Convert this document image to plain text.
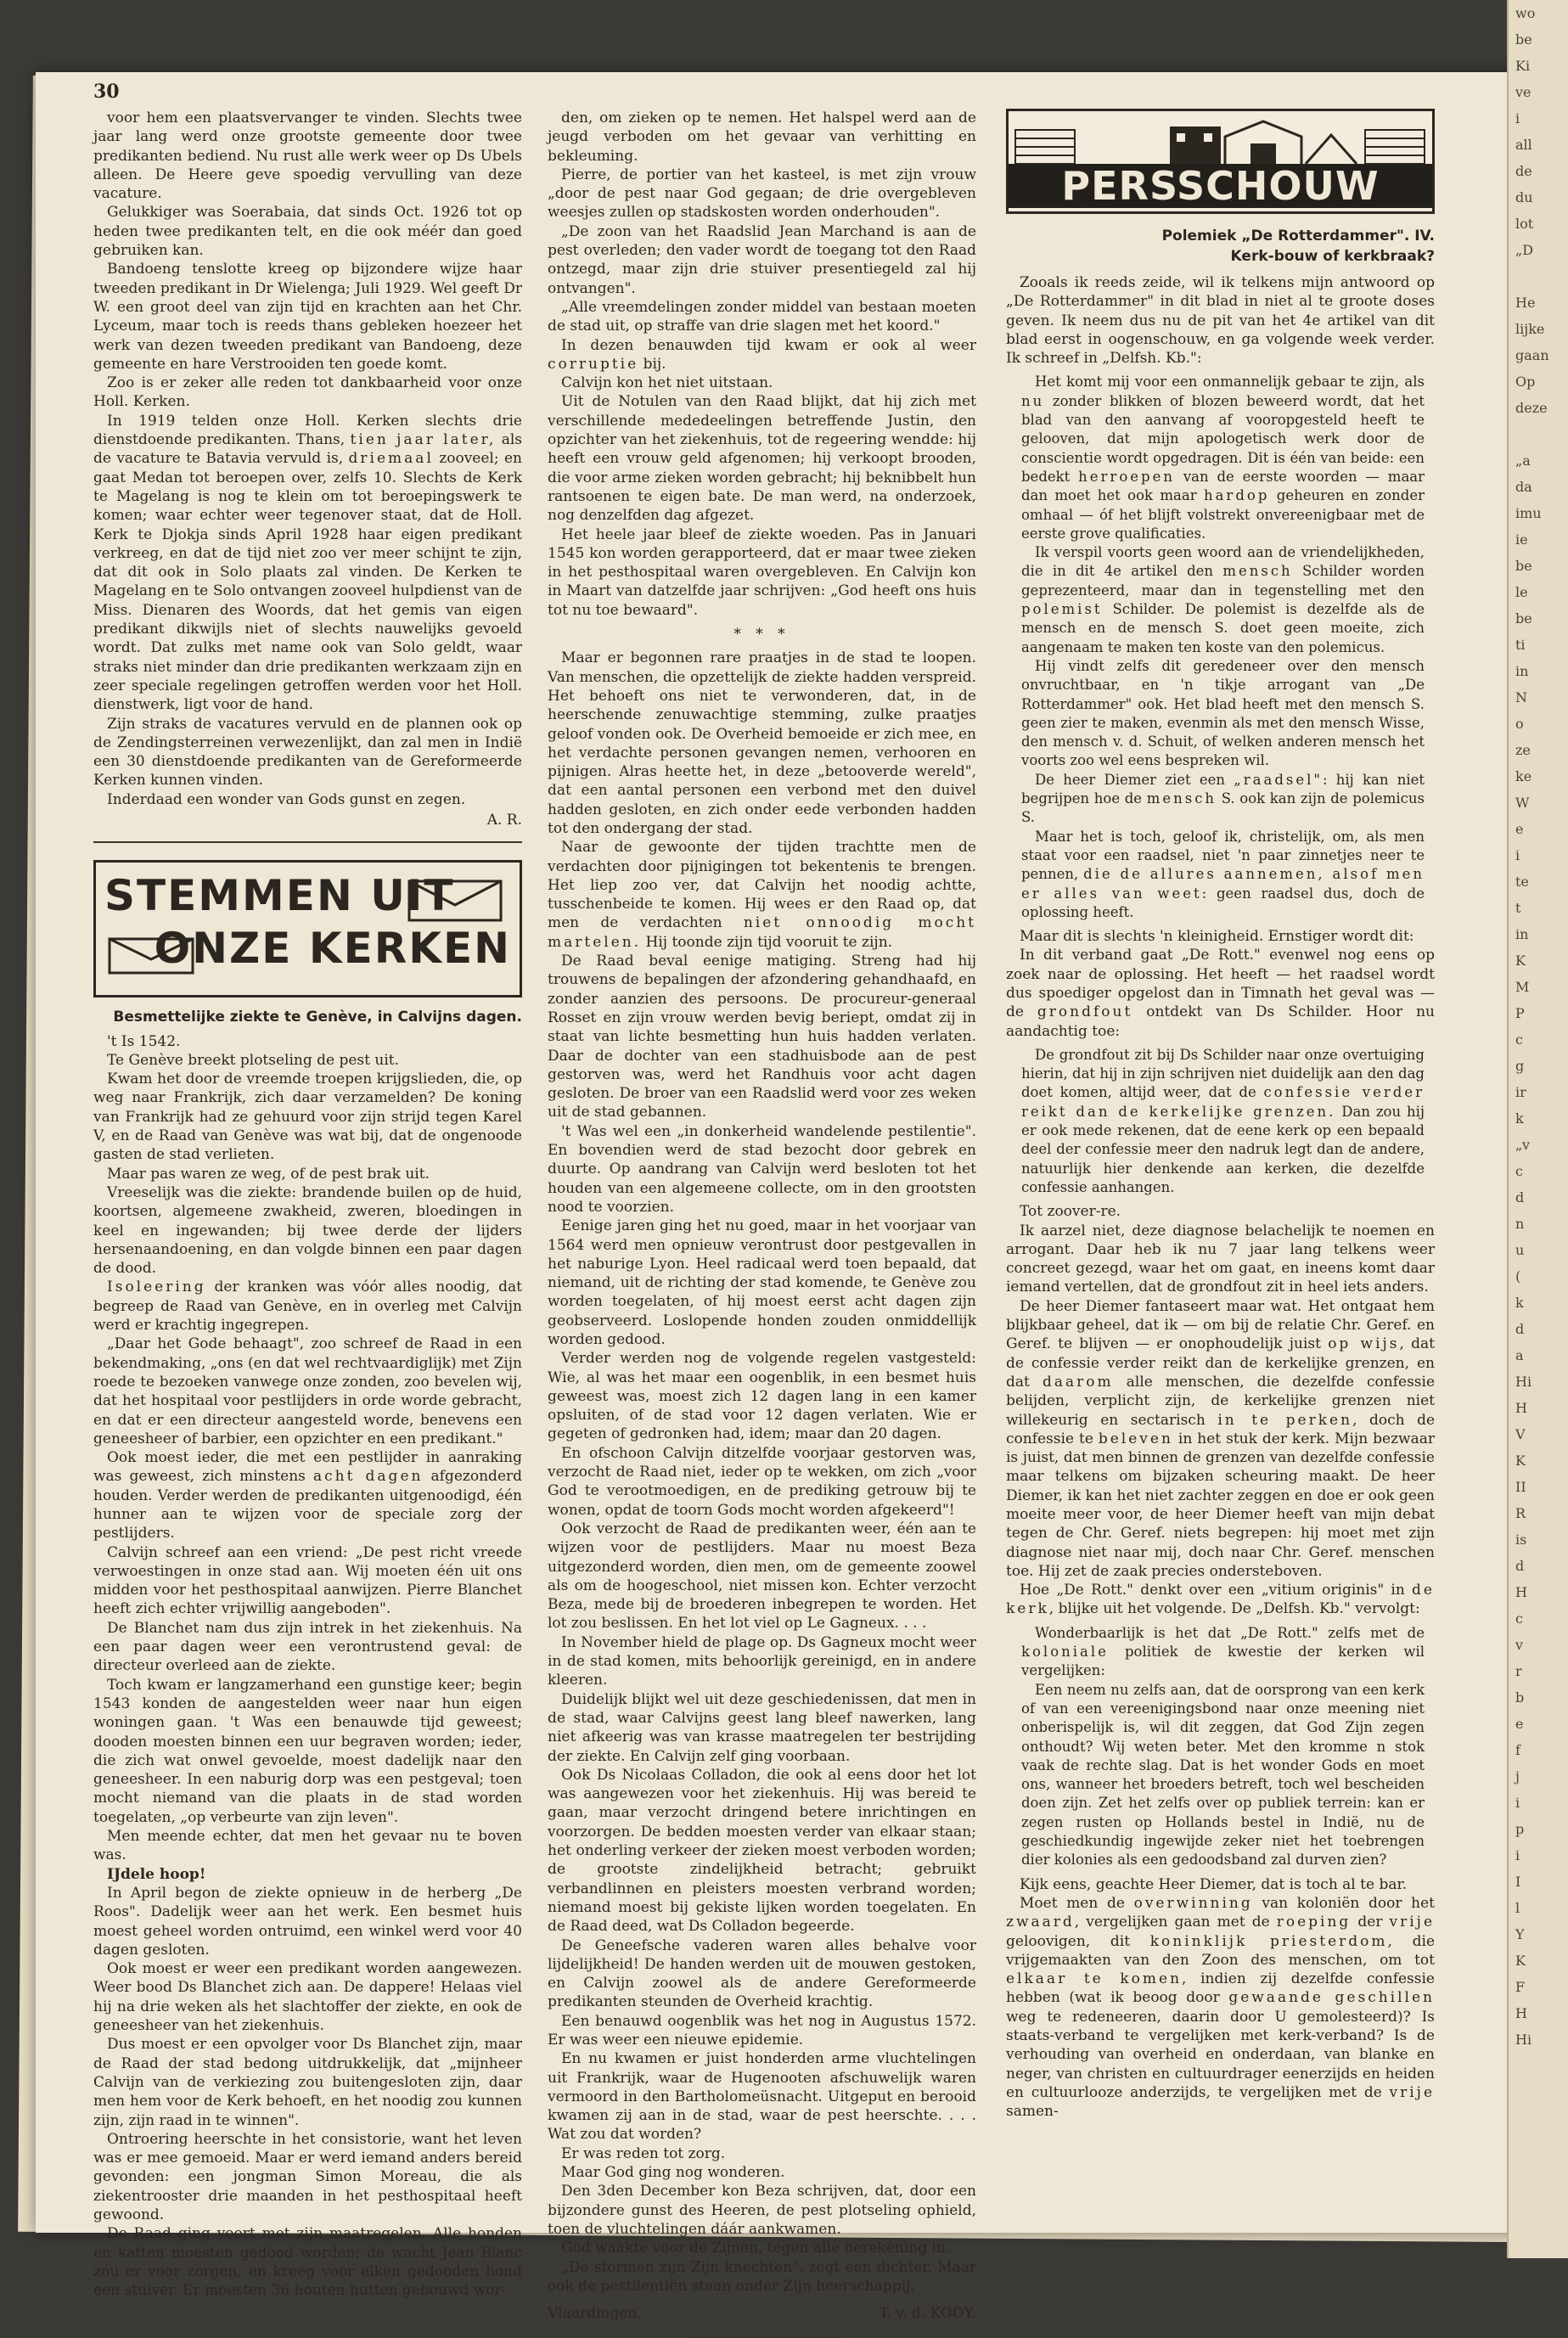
wo
be
Ki
ve
i
all
de
du
lot
„D

He
lijke
gaan
Op
deze

„a
da
imu
ie
be
le
be
ti
in
N
o
ze
ke
W
e
i
te
t
in
K
M
P
c
g
ir
k
„v
c
d
n
u
(
k
d
a
Hi
H
V
K
II
R
is
d
H
c
v
r
b
e
f
j
i
p
i
I
l
Y
K
F
H
Hi
30

voor hem een plaatsvervanger te vinden. Slechts twee jaar lang werd onze grootste gemeente door twee predikanten bediend. Nu rust alle werk weer op Ds Ubels alleen. De Heere geve spoedig vervulling van deze vacature.

Gelukkiger was Soerabaia, dat sinds Oct. 1926 tot op heden twee predikanten telt, en die ook méér dan goed gebruiken kan.

Bandoeng tenslotte kreeg op bijzondere wijze haar tweeden predikant in Dr Wielenga; Juli 1929. Wel geeft Dr W. een groot deel van zijn tijd en krachten aan het Chr. Lyceum, maar toch is reeds thans gebleken hoezeer het werk van dezen tweeden predikant van Bandoeng, deze gemeente en hare Verstrooiden ten goede komt.

Zoo is er zeker alle reden tot dankbaarheid voor onze Holl. Kerken.

In 1919 telden onze Holl. Kerken slechts drie dienstdoende predikanten. Thans, tien jaar later, als de vacature te Batavia vervuld is, driemaal zooveel; en gaat Medan tot beroepen over, zelfs 10. Slechts de Kerk te Magelang is nog te klein om tot beroepingswerk te komen; waar echter weer tegenover staat, dat de Holl. Kerk te Djokja sinds April 1928 haar eigen predikant verkreeg, en dat de tijd niet zoo ver meer schijnt te zijn, dat dit ook in Solo plaats zal vinden. De Kerken te Magelang en te Solo ontvangen zooveel hulpdienst van de Miss. Dienaren des Woords, dat het gemis van eigen predikant dikwijls niet of slechts nauwelijks gevoeld wordt. Dat zulks met name ook van Solo geldt, waar straks niet minder dan drie predikanten werkzaam zijn en zeer speciale regelingen getroffen werden voor het Holl. dienstwerk, ligt voor de hand.

Zijn straks de vacatures vervuld en de plannen ook op de Zendingsterreinen verwezenlijkt, dan zal men in Indië een 30 dienstdoende predikanten van de Gereformeerde Kerken kunnen vinden.

Inderdaad een wonder van Gods gunst en zegen.

A. R.
STEMMEN UIT
ONZE KERKEN
Besmettelijke ziekte te Genève, in Calvijns dagen.

't Is 1542.

Te Genève breekt plotseling de pest uit.

Kwam het door de vreemde troepen krijgslieden, die, op weg naar Frankrijk, zich daar verzamelden? De koning van Frankrijk had ze gehuurd voor zijn strijd tegen Karel V, en de Raad van Genève was wat bij, dat de ongenoode gasten de stad verlieten.

Maar pas waren ze weg, of de pest brak uit.

Vreeselijk was die ziekte: brandende builen op de huid, koortsen, algemeene zwakheid, zweren, bloedingen in keel en ingewanden; bij twee derde der lijders hersenaandoening, en dan volgde binnen een paar dagen de dood.

Isoleering der kranken was vóór alles noodig, dat begreep de Raad van Genève, en in overleg met Calvijn werd er krachtig ingegrepen.

„Daar het Gode behaagt", zoo schreef de Raad in een bekendmaking, „ons (en dat wel rechtvaardiglijk) met Zijn roede te bezoeken vanwege onze zonden, zoo bevelen wij, dat het hospitaal voor pestlijders in orde worde gebracht, en dat er een directeur aangesteld worde, benevens een geneesheer of barbier, een opzichter en een predikant."

Ook moest ieder, die met een pestlijder in aanraking was geweest, zich minstens acht dagen afgezonderd houden. Verder werden de predikanten uitgenoodigd, één hunner aan te wijzen voor de speciale zorg der pestlijders.

Calvijn schreef aan een vriend: „De pest richt vreede verwoestingen in onze stad aan. Wij moeten één uit ons midden voor het pesthospitaal aanwijzen. Pierre Blanchet heeft zich echter vrijwillig aangeboden".

De Blanchet nam dus zijn intrek in het ziekenhuis. Na een paar dagen weer een verontrustend geval: de directeur overleed aan de ziekte.

Toch kwam er langzamerhand een gunstige keer; begin 1543 konden de aangestelden weer naar hun eigen woningen gaan. 't Was een benauwde tijd geweest; dooden moesten binnen een uur begraven worden; ieder, die zich wat onwel gevoelde, moest dadelijk naar den geneesheer. In een naburig dorp was een pestgeval; toen mocht niemand van die plaats in de stad worden toegelaten, „op verbeurte van zijn leven".

Men meende echter, dat men het gevaar nu te boven was.

IJdele hoop!

In April begon de ziekte opnieuw in de herberg „De Roos". Dadelijk weer aan het werk. Een besmet huis moest geheel worden ontruimd, een winkel werd voor 40 dagen gesloten.

Ook moest er weer een predikant worden aangewezen. Weer bood Ds Blanchet zich aan. De dappere! Helaas viel hij na drie weken als het slachtoffer der ziekte, en ook de geneesheer van het ziekenhuis.

Dus moest er een opvolger voor Ds Blanchet zijn, maar de Raad der stad bedong uitdrukkelijk, dat „mijnheer Calvijn van de verkiezing zou buitengesloten zijn, daar men hem voor de Kerk behoeft, en het noodig zou kunnen zijn, zijn raad in te winnen".

Ontroering heerschte in het consistorie, want het leven was er mee gemoeid. Maar er werd iemand anders bereid gevonden: een jongman Simon Moreau, die als ziekentrooster drie maanden in het pesthospitaal heeft gewoond.

De Raad ging voort met zijn maatregelen. Alle honden en katten moesten gedood worden; de wacht Jean Blanc zou er voor zorgen, en kreeg voor elken gedooden hond een stuiver. Er moesten 36 houten hutten gebouwd wor-

den, om zieken op te nemen. Het halspel werd aan de jeugd verboden om het gevaar van verhitting en bekleuming.

Pierre, de portier van het kasteel, is met zijn vrouw „door de pest naar God gegaan; de drie overgebleven weesjes zullen op stadskosten worden onderhouden".

„De zoon van het Raadslid Jean Marchand is aan de pest overleden; den vader wordt de toegang tot den Raad ontzegd, maar zijn drie stuiver presentiegeld zal hij ontvangen".

„Alle vreemdelingen zonder middel van bestaan moeten de stad uit, op straffe van drie slagen met het koord."

In dezen benauwden tijd kwam er ook al weer corruptie bij.

Calvijn kon het niet uitstaan.

Uit de Notulen van den Raad blijkt, dat hij zich met verschillende mededeelingen betreffende Justin, den opzichter van het ziekenhuis, tot de regeering wendde: hij heeft een vrouw geld afgenomen; hij verkoopt brooden, die voor arme zieken worden gebracht; hij beknibbelt hun rantsoenen te eigen bate. De man werd, na onderzoek, nog denzelfden dag afgezet.

Het heele jaar bleef de ziekte woeden. Pas in Januari 1545 kon worden gerapporteerd, dat er maar twee zieken in het pesthospitaal waren overgebleven. En Calvijn kon in Maart van datzelfde jaar schrijven: „God heeft ons huis tot nu toe bewaard".

* * *

Maar er begonnen rare praatjes in de stad te loopen. Van menschen, die opzettelijk de ziekte hadden verspreid. Het behoeft ons niet te verwonderen, dat, in de heerschende zenuwachtige stemming, zulke praatjes geloof vonden ook. De Overheid bemoeide er zich mee, en het verdachte personen gevangen nemen, verhooren en pijnigen. Alras heette het, in deze „betooverde wereld", dat een aantal personen een verbond met den duivel hadden gesloten, en zich onder eede verbonden hadden tot den ondergang der stad.

Naar de gewoonte der tijden trachtte men de verdachten door pijnigingen tot bekentenis te brengen. Het liep zoo ver, dat Calvijn het noodig achtte, tusschenbeide te komen. Hij wees er den Raad op, dat men de verdachten niet onnoodig mocht martelen. Hij toonde zijn tijd vooruit te zijn.

De Raad beval eenige matiging. Streng had hij trouwens de bepalingen der afzondering gehandhaafd, en zonder aanzien des persoons. De procureur-generaal Rosset en zijn vrouw werden bevig beriept, omdat zij in staat van lichte besmetting hun huis hadden verlaten. Daar de dochter van een stadhuisbode aan de pest gestorven was, werd het Randhuis voor acht dagen gesloten. De broer van een Raadslid werd voor zes weken uit de stad gebannen.

't Was wel een „in donkerheid wandelende pestilentie". En bovendien werd de stad bezocht door gebrek en duurte. Op aandrang van Calvijn werd besloten tot het houden van een algemeene collecte, om in den grootsten nood te voorzien.

Eenige jaren ging het nu goed, maar in het voorjaar van 1564 werd men opnieuw verontrust door pestgevallen in het naburige Lyon. Heel radicaal werd toen bepaald, dat niemand, uit de richting der stad komende, te Genève zou worden toegelaten, of hij moest eerst acht dagen zijn geobserveerd. Loslopende honden zouden onmiddellijk worden gedood.

Verder werden nog de volgende regelen vastgesteld: Wie, al was het maar een oogenblik, in een besmet huis geweest was, moest zich 12 dagen lang in een kamer opsluiten, of de stad voor 12 dagen verlaten. Wie er gegeten of gedronken had, idem; maar dan 20 dagen.

En ofschoon Calvijn ditzelfde voorjaar gestorven was, verzocht de Raad niet, ieder op te wekken, om zich „voor God te verootmoedigen, en de prediking getrouw bij te wonen, opdat de toorn Gods mocht worden afgekeerd"!

Ook verzocht de Raad de predikanten weer, één aan te wijzen voor de pestlijders. Maar nu moest Beza uitgezonderd worden, dien men, om de gemeente zoowel als om de hoogeschool, niet missen kon. Echter verzocht Beza, mede bij de broederen inbegrepen te worden. Het lot zou beslissen. En het lot viel op Le Gagneux. . . .

In November hield de plage op. Ds Gagneux mocht weer in de stad komen, mits behoorlijk gereinigd, en in andere kleeren.

Duidelijk blijkt wel uit deze geschiedenissen, dat men in de stad, waar Calvijns geest lang bleef nawerken, lang niet afkeerig was van krasse maatregelen ter bestrijding der ziekte. En Calvijn zelf ging voorbaan.

Ook Ds Nicolaas Colladon, die ook al eens door het lot was aangewezen voor het ziekenhuis. Hij was bereid te gaan, maar verzocht dringend betere inrichtingen en voorzorgen. De bedden moesten verder van elkaar staan; het onderling verkeer der zieken moest verboden worden; de grootste zindelijkheid betracht; gebruikt verbandlinnen en pleisters moesten verbrand worden; niemand moest bij gekiste lijken worden toegelaten. En de Raad deed, wat Ds Colladon begeerde.

De Geneefsche vaderen waren alles behalve voor lijdelijkheid! De handen werden uit de mouwen gestoken, en Calvijn zoowel als de andere Gereformeerde predikanten steunden de Overheid krachtig.

Een benauwd oogenblik was het nog in Augustus 1572. Er was weer een nieuwe epidemie.

En nu kwamen er juist honderden arme vluchtelingen uit Frankrijk, waar de Hugenooten afschuwelijk waren vermoord in den Bartholomeüsnacht. Uitgeput en berooid kwamen zij aan in de stad, waar de pest heerschte. . . . Wat zou dat worden?

Er was reden tot zorg.

Maar God ging nog wonderen.

Den 3den December kon Beza schrijven, dat, door een bijzondere gunst des Heeren, de pest plotseling ophield, toen de vluchtelingen dáár aankwamen.

God waakte voor de Zijnen, tegen alle berekening in.

„De stormen zijn Zijn knechten", zegt een dichter. Maar ook de pestilentiën staan onder Zijn heerschappij.

Vlaardingen.	T. v. d. KOOY.
PERSSCHOUW
Polemiek „De Rotterdammer". IV.
Kerk-bouw of kerkbraak?

Zooals ik reeds zeide, wil ik telkens mijn antwoord op „De Rotterdammer" in dit blad in niet al te groote doses geven. Ik neem dus nu de pit van het 4e artikel van dit blad eerst in oogenschouw, en ga volgende week verder. Ik schreef in „Delfsh. Kb.":

Het komt mij voor een onmannelijk gebaar te zijn, als nu zonder blikken of blozen beweerd wordt, dat het blad van den aanvang af vooropgesteld heeft te gelooven, dat mijn apologetisch werk door de conscientie wordt opgedragen. Dit is één van beide: een bedekt herroepen van de eerste woorden — maar dan moet het ook maar hardop geheuren en zonder omhaal — óf het blijft volstrekt onvereenigbaar met de eerste grove qualificaties.

Ik verspil voorts geen woord aan de vriendelijkheden, die in dit 4e artikel den mensch Schilder worden geprezenteerd, maar dan in tegenstelling met den polemist Schilder. De polemist is dezelfde als de mensch en de mensch S. doet geen moeite, zich aangenaam te maken ten koste van den polemicus.

Hij vindt zelfs dit geredeneer over den mensch onvruchtbaar, en 'n tikje arrogant van „De Rotterdammer" ook. Het blad heeft met den mensch S. geen zier te maken, evenmin als met den mensch Wisse, den mensch v. d. Schuit, of welken anderen mensch het voorts zoo wel eens bespreken wil.

De heer Diemer ziet een „raadsel": hij kan niet begrijpen hoe de mensch S. ook kan zijn de polemicus S.

Maar het is toch, geloof ik, christelijk, om, als men staat voor een raadsel, niet 'n paar zinnetjes neer te pennen, die de allures aannemen, alsof men er alles van weet: geen raadsel dus, doch de oplossing heeft.

Maar dit is slechts 'n kleinigheid. Ernstiger wordt dit:

In dit verband gaat „De Rott." evenwel nog eens op zoek naar de oplossing. Het heeft — het raadsel wordt dus spoediger opgelost dan in Timnath het geval was — de grondfout ontdekt van Ds Schilder. Hoor nu aandachtig toe:

De grondfout zit bij Ds Schilder naar onze overtuiging hierin, dat hij in zijn schrijven niet duidelijk aan den dag doet komen, altijd weer, dat de confessie verder reikt dan de kerkelijke grenzen. Dan zou hij er ook mede rekenen, dat de eene kerk op een bepaald deel der confessie meer den nadruk legt dan de andere, natuurlijk hier denkende aan kerken, die dezelfde confessie aanhangen.

Tot zoover-re.

Ik aarzel niet, deze diagnose belachelijk te noemen en arrogant. Daar heb ik nu 7 jaar lang telkens weer concreet gezegd, waar het om gaat, en ineens komt daar iemand vertellen, dat de grondfout zit in heel iets anders.

De heer Diemer fantaseert maar wat. Het ontgaat hem blijkbaar geheel, dat ik — om bij de relatie Chr. Geref. en Geref. te blijven — er onophoudelijk juist op wijs, dat de confessie verder reikt dan de kerkelijke grenzen, en dat daarom alle menschen, die dezelfde confessie belijden, verplicht zijn, de kerkelijke grenzen niet willekeurig en sectarisch in te perken, doch de confessie te beleven in het stuk der kerk. Mijn bezwaar is juist, dat men binnen de grenzen van dezelfde confessie maar telkens om bijzaken scheuring maakt. De heer Diemer, ik kan het niet zachter zeggen en doe er ook geen moeite meer voor, de heer Diemer heeft van mijn debat tegen de Chr. Geref. niets begrepen: hij moet met zijn diagnose niet naar mij, doch naar Chr. Geref. menschen toe. Hij zet de zaak precies ondersteboven.

Hoe „De Rott." denkt over een „vitium originis" in de kerk, blijke uit het volgende. De „Delfsh. Kb." vervolgt:

Wonderbaarlijk is het dat „De Rott." zelfs met de koloniale politiek de kwestie der kerken wil vergelijken:

Een neem nu zelfs aan, dat de oorsprong van een kerk of van een vereenigingsbond naar onze meening niet onberispelijk is, wil dit zeggen, dat God Zijn zegen onthoudt? Wij weten beter. Met den kromme n stok vaak de rechte slag. Dat is het wonder Gods en moet ons, wanneer het broeders betreft, toch wel bescheiden doen zijn. Zet het zelfs over op publiek terrein: kan er zegen rusten op Hollands bestel in Indië, nu de geschiedkundig ingewijde zeker niet het toebrengen dier kolonies als een gedoodsband zal durven zien?

Kijk eens, geachte Heer Diemer, dat is toch al te bar.

Moet men de overwinning van koloniën door het zwaard, vergelijken gaan met de roeping der vrije geloovigen, dit koninklijk priesterdom, die vrijgemaakten van den Zoon des menschen, om tot elkaar te komen, indien zij dezelfde confessie hebben (wat ik beoog door gewaande geschillen weg te redeneeren, daarin door U gemolesteerd)? Is staats-verband te vergelijken met kerk-verband? Is de verhouding van overheid en onderdaan, van blanke en neger, van christen en cultuurdrager eenerzijds en heiden en cultuurlooze anderzijds, te vergelijken met de vrije samen-
